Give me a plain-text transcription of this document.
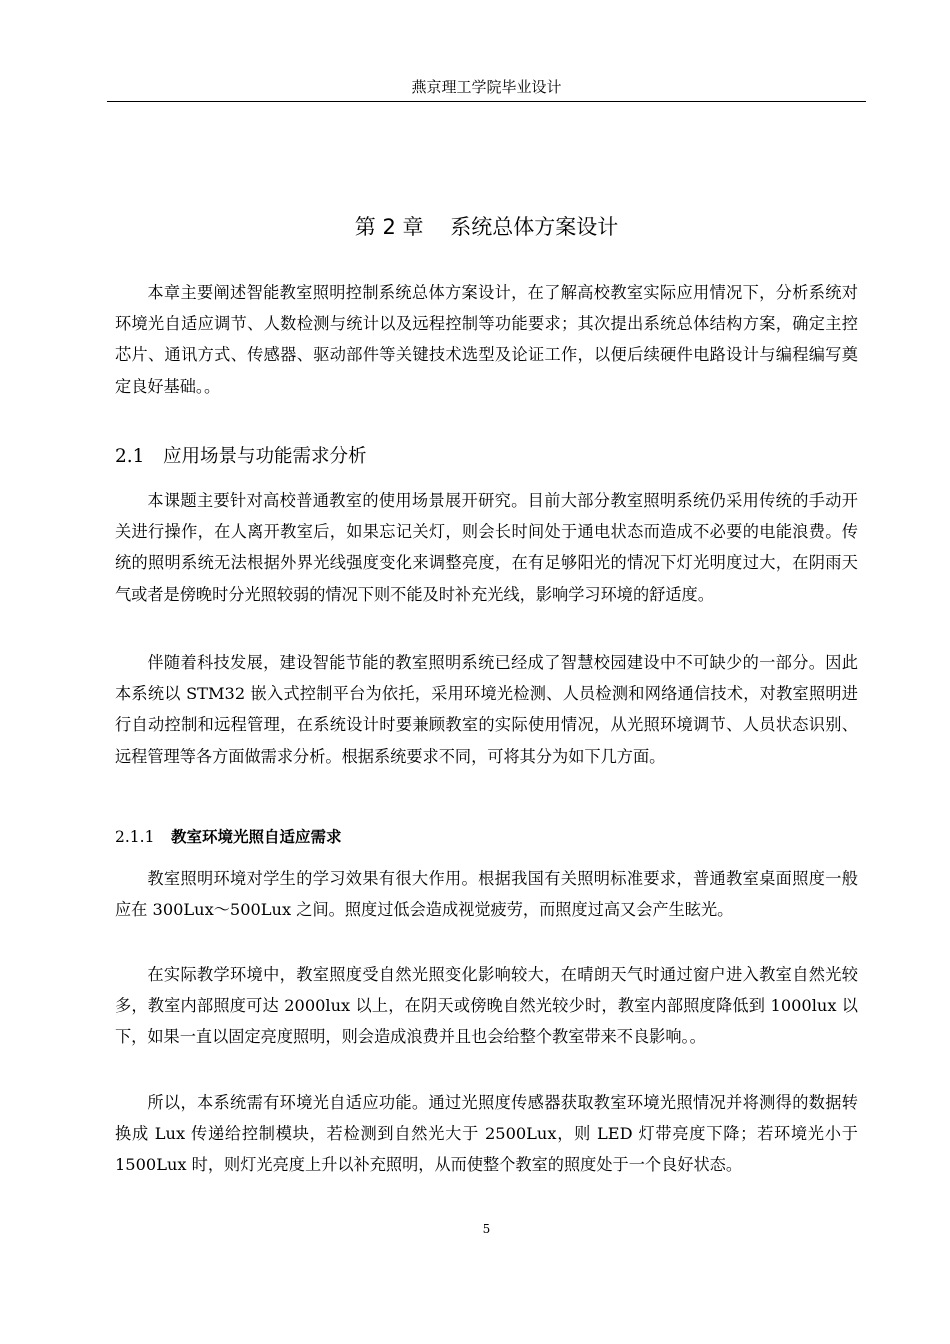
燕京理工学院毕业设计
第 2 章    系统总体方案设计

本章主要阐述智能教室照明控制系统总体方案设计，在了解高校教室实际应用情况下，分析系统对环境光自适应调节、人数检测与统计以及远程控制等功能要求；其次提出系统总体结构方案，确定主控芯片、通讯方式、传感器、驱动部件等关键技术选型及论证工作，以便后续硬件电路设计与编程编写奠定良好基础。。

2.1 应用场景与功能需求分析

本课题主要针对高校普通教室的使用场景展开研究。目前大部分教室照明系统仍采用传统的手动开关进行操作，在人离开教室后，如果忘记关灯，则会长时间处于通电状态而造成不必要的电能浪费。传统的照明系统无法根据外界光线强度变化来调整亮度，在有足够阳光的情况下灯光明度过大，在阴雨天气或者是傍晚时分光照较弱的情况下则不能及时补充光线，影响学习环境的舒适度。

伴随着科技发展，建设智能节能的教室照明系统已经成了智慧校园建设中不可缺少的一部分。因此本系统以 STM32 嵌入式控制平台为依托，采用环境光检测、人员检测和网络通信技术，对教室照明进行自动控制和远程管理，在系统设计时要兼顾教室的实际使用情况，从光照环境调节、人员状态识别、远程管理等各方面做需求分析。根据系统要求不同，可将其分为如下几方面。

2.1.1 教室环境光照自适应需求

教室照明环境对学生的学习效果有很大作用。根据我国有关照明标准要求，普通教室桌面照度一般应在 300Lux～500Lux 之间。照度过低会造成视觉疲劳，而照度过高又会产生眩光。

在实际教学环境中，教室照度受自然光照变化影响较大，在晴朗天气时通过窗户进入教室自然光较多，教室内部照度可达 2000lux 以上，在阴天或傍晚自然光较少时，教室内部照度降低到 1000lux 以下，如果一直以固定亮度照明，则会造成浪费并且也会给整个教室带来不良影响。。

所以，本系统需有环境光自适应功能。通过光照度传感器获取教室环境光照情况并将测得的数据转换成 Lux 传递给控制模块，若检测到自然光大于 2500Lux，则 LED 灯带亮度下降；若环境光小于 1500Lux 时，则灯光亮度上升以补充照明，从而使整个教室的照度处于一个良好状态。

5
